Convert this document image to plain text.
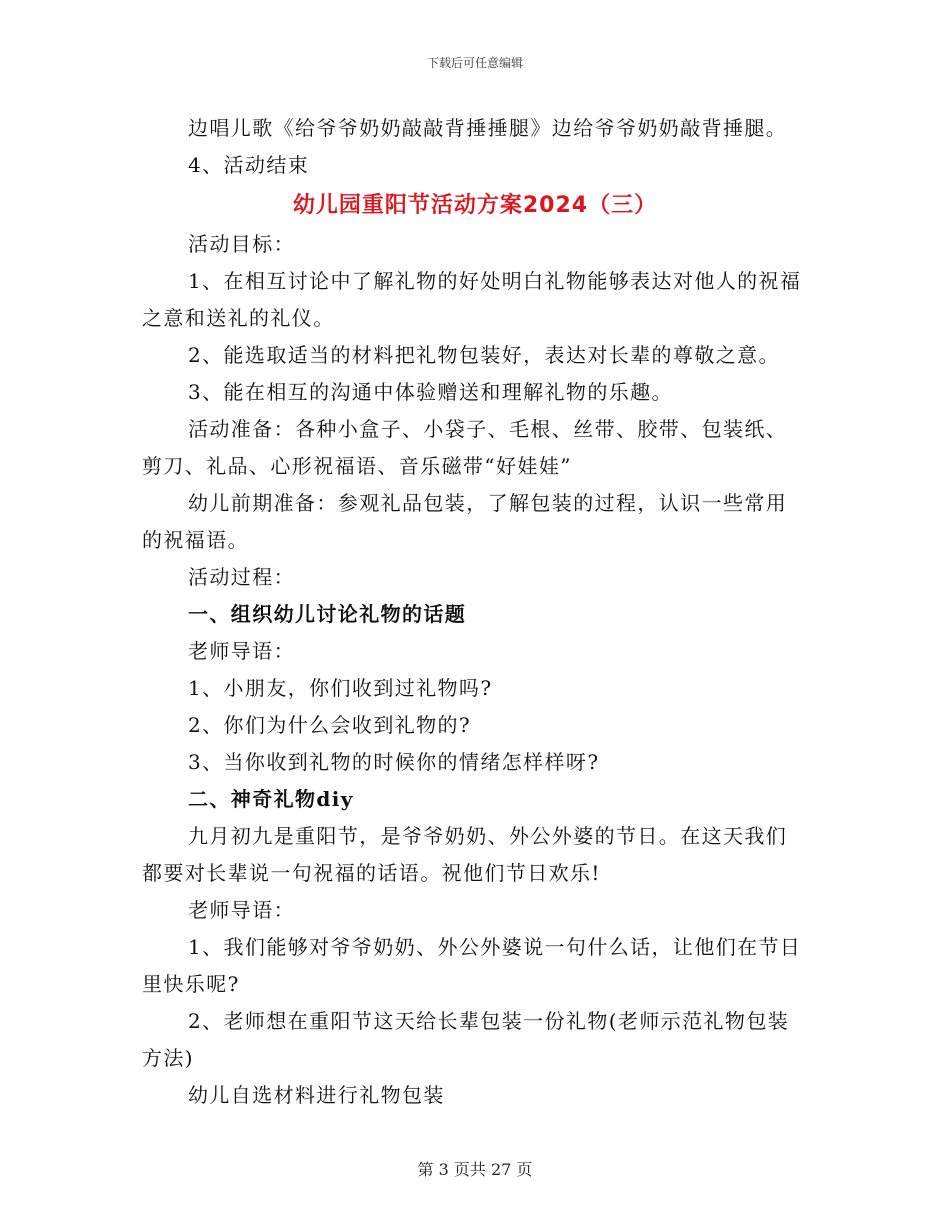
下载后可任意编辑

边唱儿歌《给爷爷奶奶敲敲背捶捶腿》边给爷爷奶奶敲背捶腿。

4、活动结束

幼儿园重阳节活动方案2024（三）

活动目标：

1、在相互讨论中了解礼物的好处明白礼物能够表达对他人的祝福之意和送礼的礼仪。

2、能选取适当的材料把礼物包装好，表达对长辈的尊敬之意。

3、能在相互的沟通中体验赠送和理解礼物的乐趣。

活动准备：各种小盒子、小袋子、毛根、丝带、胶带、包装纸、剪刀、礼品、心形祝福语、音乐磁带“好娃娃”

幼儿前期准备：参观礼品包装，了解包装的过程，认识一些常用的祝福语。

活动过程：

一、组织幼儿讨论礼物的话题

老师导语：

1、小朋友，你们收到过礼物吗?

2、你们为什么会收到礼物的?

3、当你收到礼物的时候你的情绪怎样样呀?

二、神奇礼物diy

九月初九是重阳节，是爷爷奶奶、外公外婆的节日。在这天我们都要对长辈说一句祝福的话语。祝他们节日欢乐!

老师导语：

1、我们能够对爷爷奶奶、外公外婆说一句什么话，让他们在节日里快乐呢?

2、老师想在重阳节这天给长辈包装一份礼物(老师示范礼物包装方法)

幼儿自选材料进行礼物包装

第 3 页共 27 页
